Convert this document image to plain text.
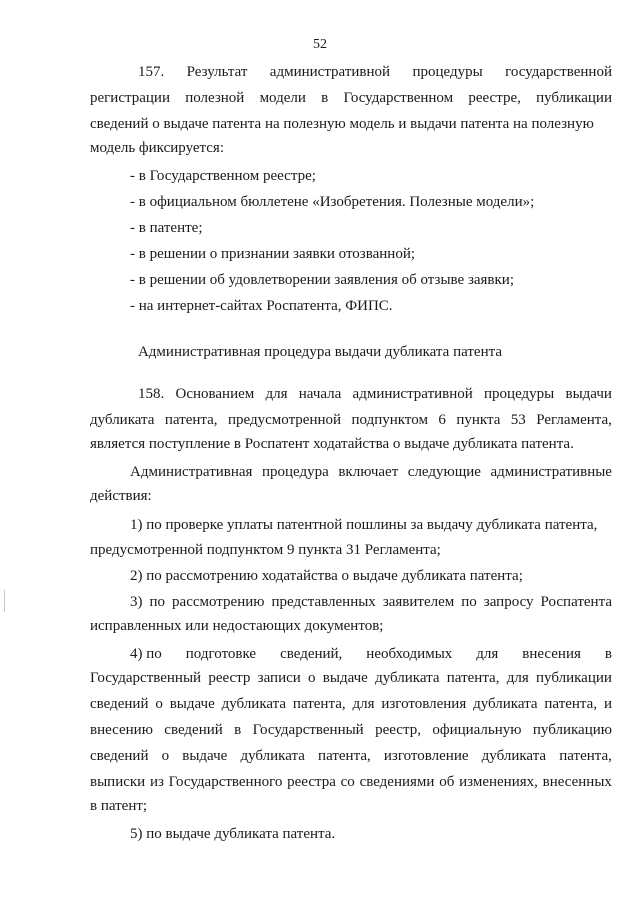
52
157. Результат административной процедуры государственной
регистрации полезной модели в Государственном реестре, публикации
сведений о выдаче патента на полезную модель и выдачи патента на полезную
модель фиксируется:
- в Государственном реестре;
- в официальном бюллетене «Изобретения. Полезные модели»;
- в патенте;
- в решении о признании заявки отозванной;
- в решении об удовлетворении заявления об отзыве заявки;
- на интернет-сайтах Роспатента, ФИПС.
Административная процедура выдачи дубликата патента
158. Основанием для начала административной процедуры выдачи
дубликата патента, предусмотренной подпунктом 6 пункта 53 Регламента,
является поступление в Роспатент ходатайства о выдаче дубликата патента.
Административная процедура включает следующие административные
действия:
1) по проверке уплаты патентной пошлины за выдачу дубликата патента,
предусмотренной подпунктом 9 пункта 31 Регламента;
2) по рассмотрению ходатайства о выдаче дубликата патента;
3) по рассмотрению представленных заявителем по запросу Роспатента
исправленных или недостающих документов;
4) по подготовке сведений, необходимых для внесения в
Государственный реестр записи о выдаче дубликата патента, для публикации
сведений о выдаче дубликата патента, для изготовления дубликата патента, и
внесению сведений в Государственный реестр, официальную публикацию
сведений о выдаче дубликата патента, изготовление дубликата патента,
выписки из Государственного реестра со сведениями об изменениях, внесенных
в патент;
5) по выдаче дубликата патента.
